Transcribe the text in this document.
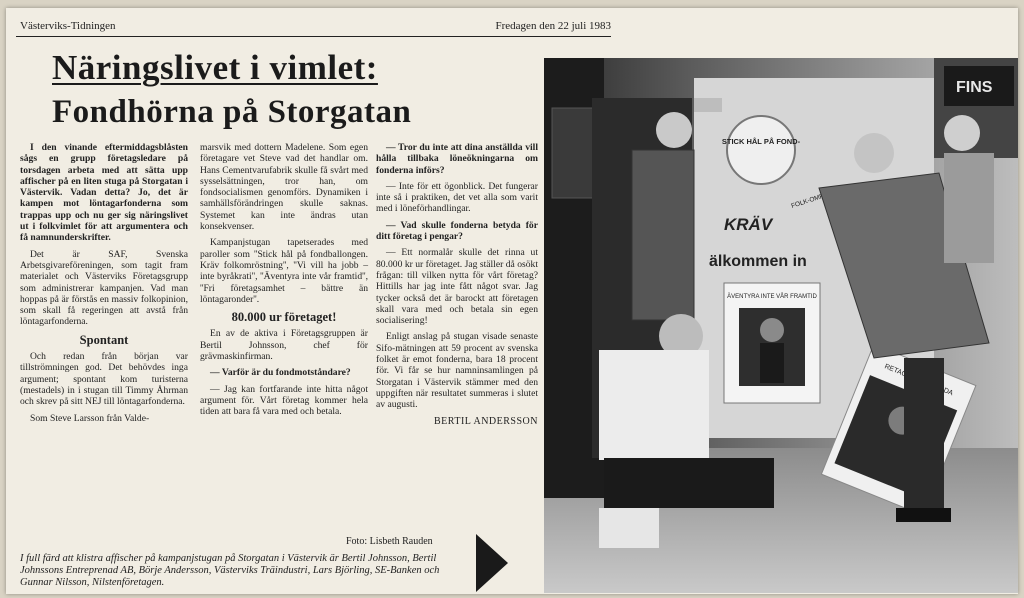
Västerviks-Tidningen	Fredagen den 22 juli 1983
Näringslivet i vimlet:
Fondhörna på Storgatan

I den vinande eftermiddagsblåsten sågs en grupp företagsledare på torsdagen arbeta med att sätta upp affischer på en liten stuga på Storgatan i Västervik. Vadan detta? Jo, det är kampen mot löntagarfonderna som trappas upp och nu ger sig näringslivet ut i folkvimlet för att argumentera och få namnunderskrifter.

Det är SAF, Svenska Arbetsgivareföreningen, som tagit fram materialet och Västerviks Företagsgrupp som administrerar kampanjen. Vad man hoppas på är förstås en massiv folkopinion, som skall få regeringen att avstå från löntagarfonderna.

Spontant

Och redan från början var tillströmningen god. Det behövdes inga argument; spontant kom turisterna (mestadels) in i stugan till Timmy Åhrman och skrev på sitt NEJ till löntagarfonderna.

Som Steve Larsson från Valde-

marsvik med dottern Madelene. Som egen företagare vet Steve vad det handlar om. Hans Cementvarufabrik skulle få svårt med sysselsättningen, tror han, om fondsocialismen genomförs. Dynamiken i samhällsförändringen skulle saknas. Systemet kan inte ändras utan konsekvenser.

Kampanjstugan tapetserades med paroller som ''Stick hål på fondballongen. Kräv folkomröstning'', ''Vi vill ha jobb – inte byråkrati'', ''Äventyra inte vår framtid'', ''Fri företagsamhet – bättre än löntagaronder''.

80.000 ur företaget!

En av de aktiva i Företagsgruppen är Bertil Johnsson, chef för grävmaskinfirman.

— Varför är du fondmotståndare?

— Jag kan fortfarande inte hitta något argument för. Vårt företag kommer hela tiden att bara få vara med och betala.

— Tror du inte att dina anställda vill hålla tillbaka löneökningarna om fonderna införs?

— Inte för ett ögonblick. Det fungerar inte så i praktiken, det vet alla som varit med i löneförhandlingar.

— Vad skulle fonderna betyda för ditt företag i pengar?

— Ett normalår skulle det rinna ut 80.000 kr ur företaget. Jag ställer då osökt frågan: till vilken nytta för vårt företag? Hittills har jag inte fått något svar. Jag tycker också det är barockt att företagen skall vara med och betala sin egen socialisering!

Enligt anslag på stugan visade senaste Sifo-mätningen att 59 procent av svenska folket är emot fonderna, bara 18 procent för. Vi får se hur namninsamlingen på Storgatan i Västervik stämmer med den uppgiften när resultatet summeras i slutet av augusti.

BERTIL ANDERSSON
Foto: Lisbeth Rauden
I full färd att klistra affischer på kampanjstugan på Storgatan i Västervik är Bertil Johnsson, Bertil Johnssons Entreprenad AB, Börje Andersson, Västerviks Träindustri, Lars Björling, SE-Banken och Gunnar Nilsson, Nilstenföretagen.
FINS
STICK HÅL PÅ FOND-
KRÄV
älkommen in
ÄVENTYRA INTE VÅR FRAMTID
RETAG
